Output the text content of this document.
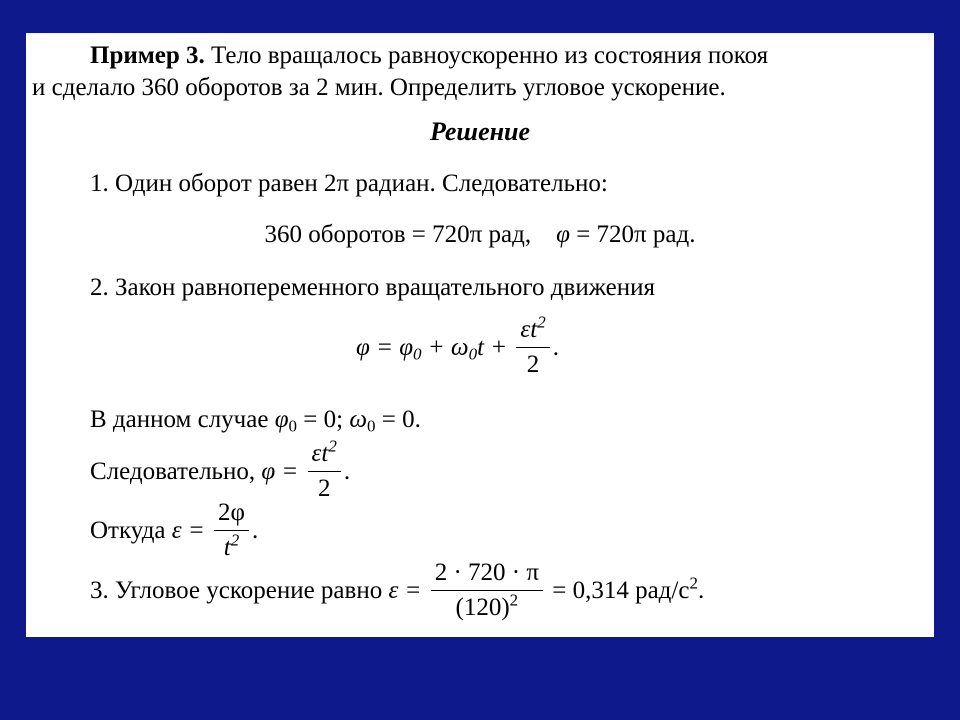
Пример 3. Тело вращалось равноускоренно из состояния покоя
и сделало 360 оборотов за 2 мин. Определить угловое ускорение.
Решение
1. Один оборот равен 2π радиан. Следовательно:
360 оборотов = 720π рад, φ = 720π рад.
2. Закон равнопеременного вращательного движения
$\varphi = \varphi_0 + \omega_0t + \frac{\varepsilon t^2}{2}$ .
В данном случае $\varphi_0 = 0$; $\omega_0 = 0$.
Следовательно, $\varphi = \frac{\varepsilon t^2}{2}$ .
Откуда $\varepsilon = \frac{2\varphi}{t^2}$ .
3. Угловое ускорение равно $\varepsilon = \frac{2 \cdot 720 \cdot \pi}{(120)^2} = 0,314$ рад/$с^2$.
